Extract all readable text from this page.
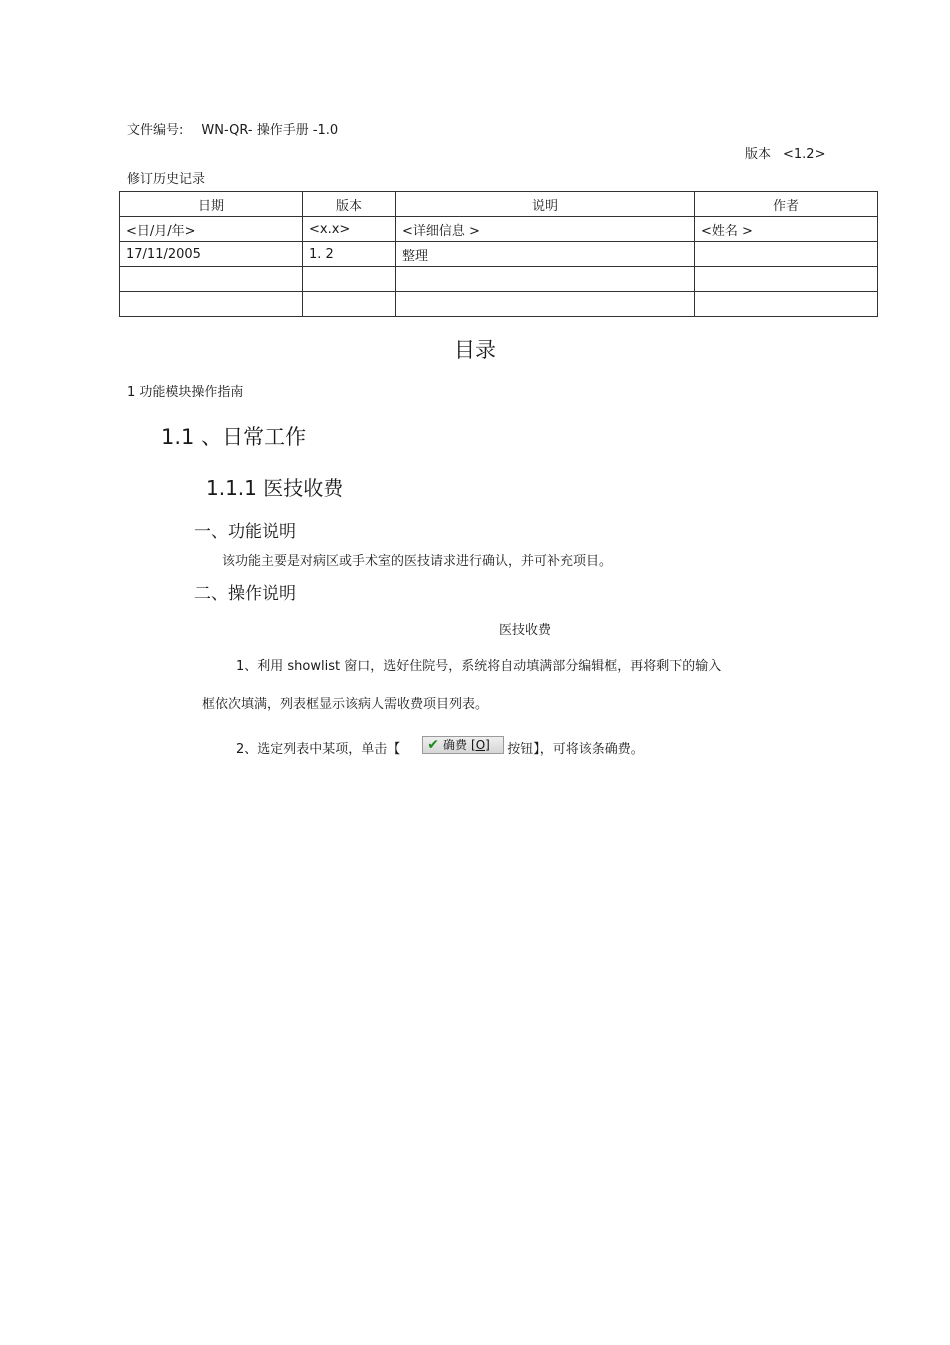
文件编号: WN-QR- 操作手册 -1.0
版本 <1.2>
修订历史记录
日期	版本	说明	作者
<日/月/年>	<x.x>	<详细信息 >	<姓名 >
17/11/2005	1. 2	整理	

目录
1 功能模块操作指南
1.1 、日常工作
1.1.1 医技收费
一、功能说明
该功能主要是对病区或手术室的医技请求进行确认，并可补充项目。
二、操作说明
医技收费
1、利用 showlist 窗口，选好住院号，系统将自动填满部分编辑框，再将剩下的输入
框依次填满，列表框显示该病人需收费项目列表。
2、选定列表中某项，单击【 ✔ 确费 [O] 按钮】，可将该条确费。
